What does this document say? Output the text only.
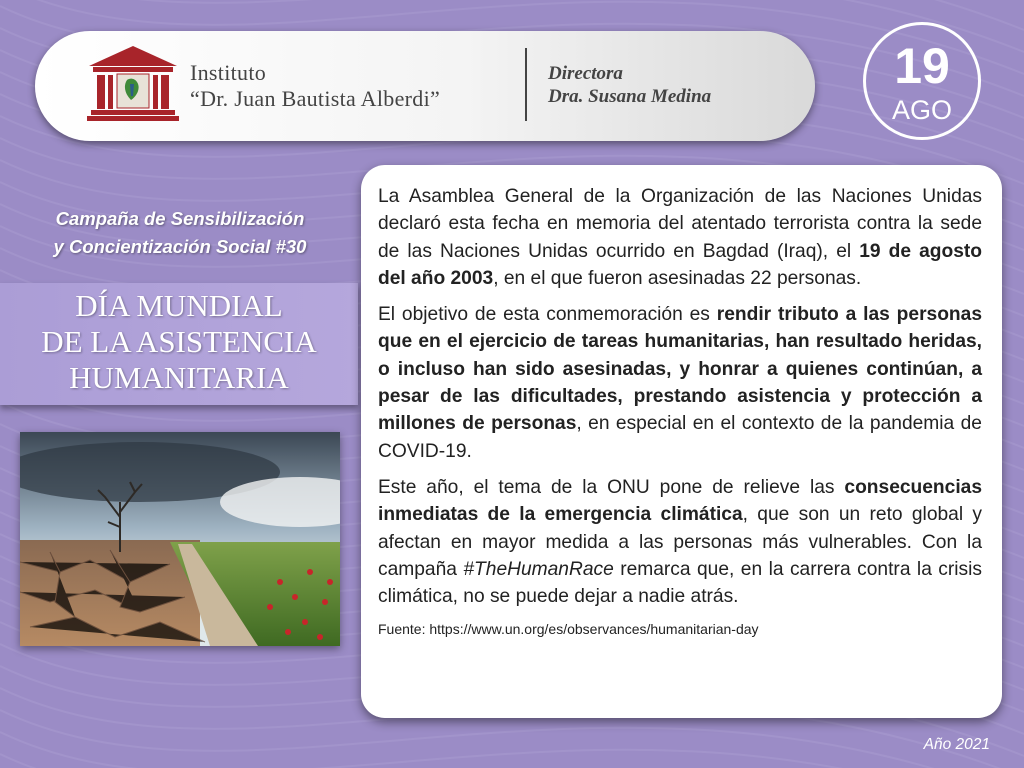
Instituto
“Dr. Juan Bautista Alberdi”
Directora
Dra. Susana Medina
19
AGO
Campaña de Sensibilización
y Concientización Social #30
DÍA MUNDIAL
DE LA ASISTENCIA
HUMANITARIA

La Asamblea General de la Organización de las Naciones Unidas declaró esta fecha en memoria del atentado terrorista contra la sede de las Naciones Unidas ocurrido en Bagdad (Iraq), el 19 de agosto del año 2003, en el que fueron asesinadas 22 personas.

El objetivo de esta conmemoración es rendir tributo a las personas que en el ejercicio de tareas humanitarias, han resultado heridas, o incluso han sido asesinadas, y honrar a quienes continúan, a pesar de las dificultades, prestando asistencia y protección a millones de personas, en especial en el contexto de la pandemia de COVID-19.

Este año, el tema de la ONU pone de relieve las consecuencias inmediatas de la emergencia climática, que son un reto global y afectan en mayor medida a las personas más vulnerables. Con la campaña #TheHumanRace remarca que, en la carrera contra la crisis climática, no se puede dejar a nadie atrás.

Fuente: https://www.un.org/es/observances/humanitarian-day
Año 2021
